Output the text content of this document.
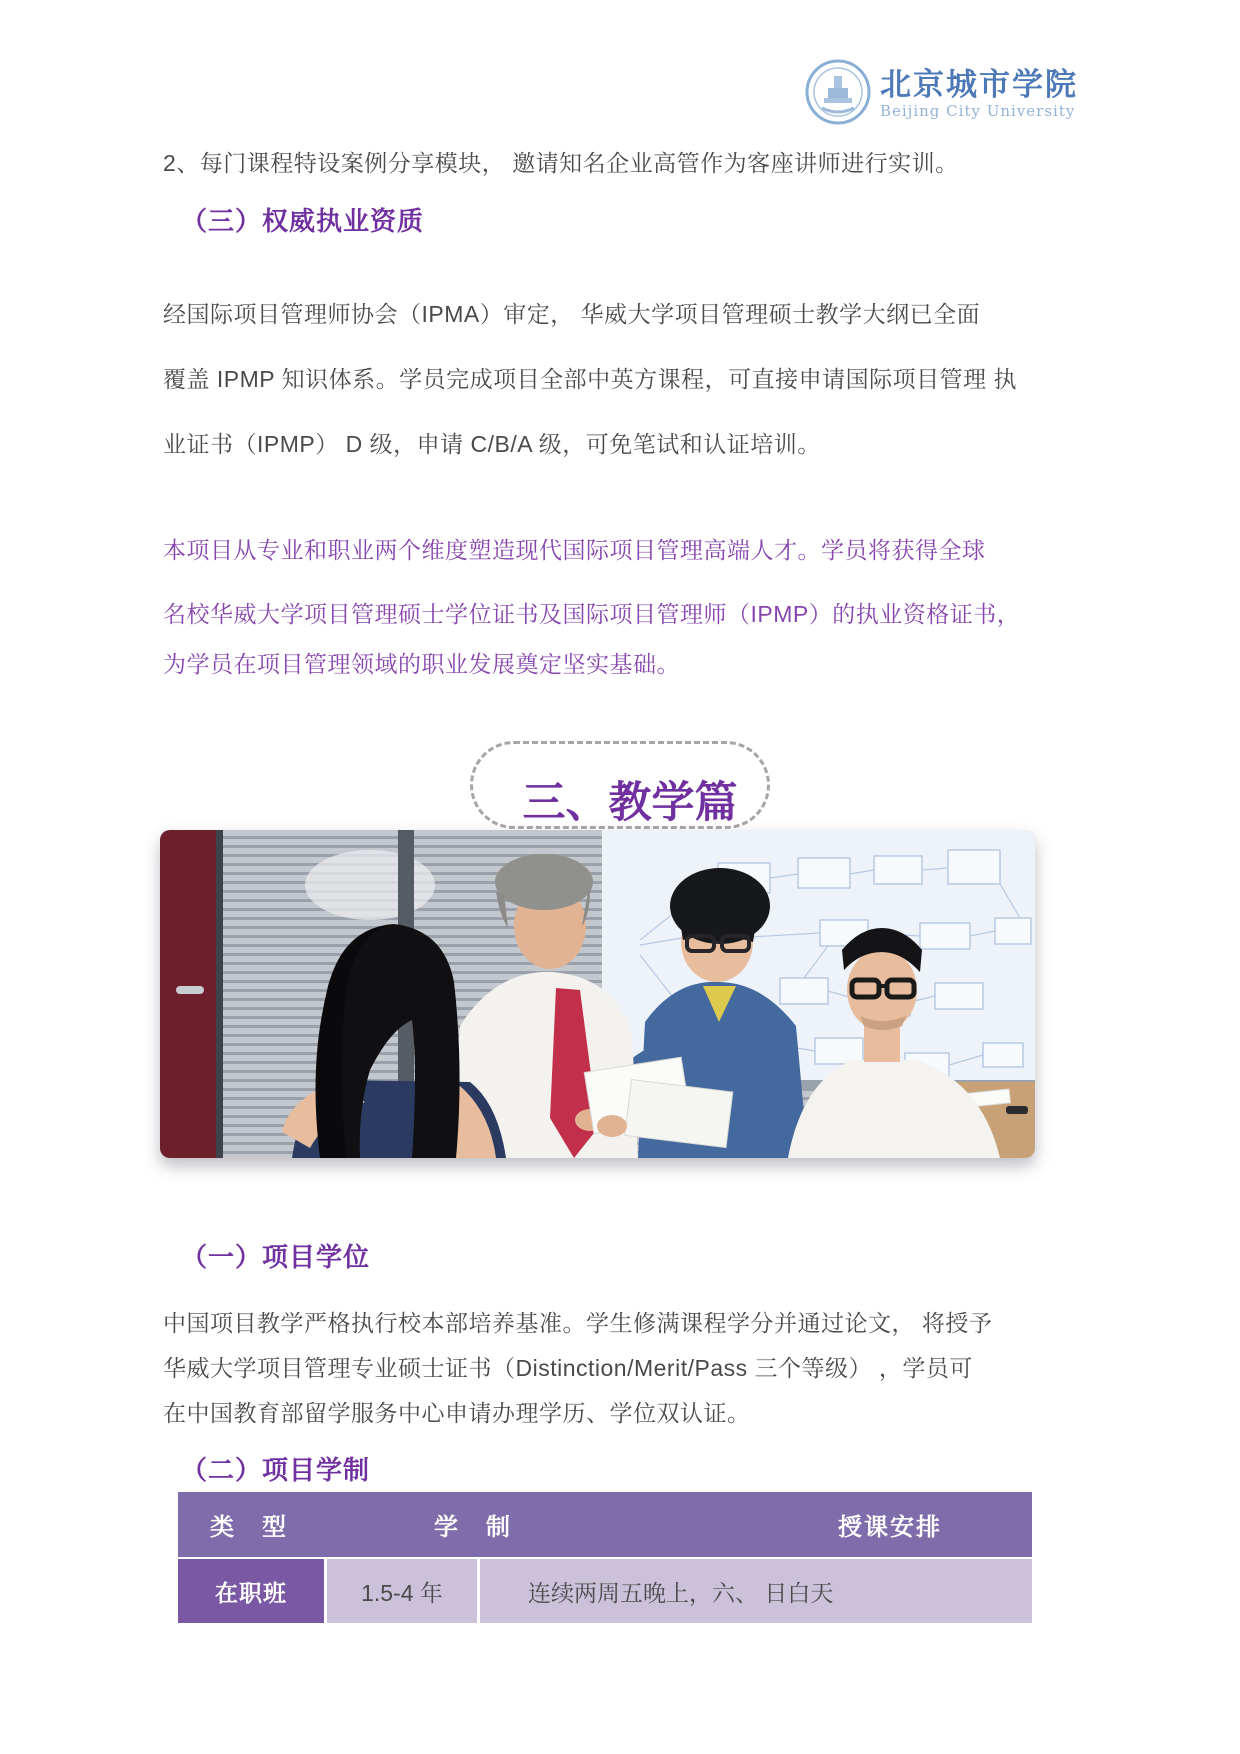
北京城市学院
Beijing City University
2、每门课程特设案例分享模块， 邀请知名企业高管作为客座讲师进行实训。
（三）权威执业资质
经国际项目管理师协会（IPMA）审定， 华威大学项目管理硕士教学大纲已全面
覆盖 IPMP 知识体系。学员完成项目全部中英方课程，可直接申请国际项目管理 执
业证书（IPMP） D 级，申请 C/B/A 级，可免笔试和认证培训。
本项目从专业和职业两个维度塑造现代国际项目管理高端人才。学员将获得全球
名校华威大学项目管理硕士学位证书及国际项目管理师（IPMP）的执业资格证书，
为学员在项目管理领域的职业发展奠定坚实基础。
三、教学篇
（一）项目学位
中国项目教学严格执行校本部培养基准。学生修满课程学分并通过论文， 将授予
华威大学项目管理专业硕士证书（Distinction/Merit/Pass 三个等级） ，学员可
在中国教育部留学服务中心申请办理学历、学位双认证。
（二）项目学制
类　型	学　制	授课安排
在职班	1.5-4 年	连续两周五晚上，六、 日白天
